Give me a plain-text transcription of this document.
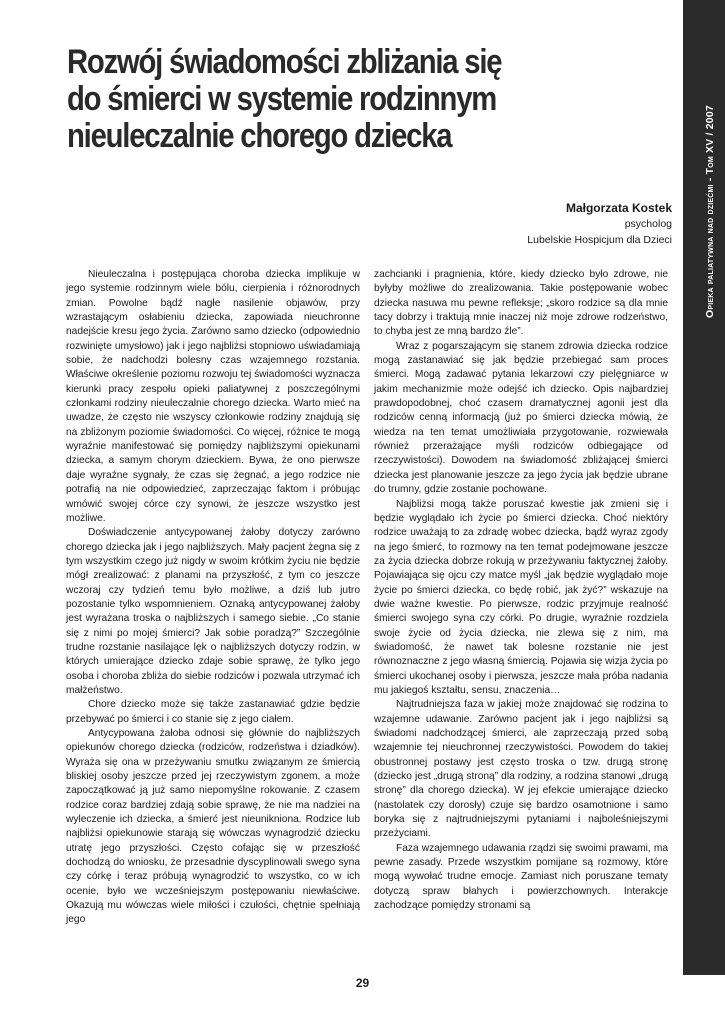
Opieka paliatywna nad dziećmi - Tom XV / 2007
Rozwój świadomości zbliżania się
do śmierci w systemie rodzinnym
nieuleczalnie chorego dziecka
Małgorzata Kostek
psycholog
Lubelskie Hospicjum dla Dzieci

Nieuleczalna i postępująca choroba dziecka implikuje w jego systemie rodzinnym wiele bólu, cierpienia i różnorodnych zmian. Powolne bądź nagłe nasilenie objawów, przy wzrastającym osłabieniu dziecka, zapowiada nieuchronne nadejście kresu jego życia. Zarówno samo dziecko (odpowiednio rozwinięte umysłowo) jak i jego najbliżsi stopniowo uświadamiają sobie, że nadchodzi bolesny czas wzajemnego rozstania. Właściwe określenie poziomu rozwoju tej świadomości wyznacza kierunki pracy zespołu opieki paliatywnej z poszczególnymi członkami rodziny nieuleczalnie chorego dziecka. Warto mieć na uwadze, że często nie wszyscy członkowie rodziny znajdują się na zbliżonym poziomie świadomości. Co więcej, różnice te mogą wyraźnie manifestować się pomiędzy najbliższymi opiekunami dziecka, a samym chorym dzieckiem. Bywa, że ono pierwsze daje wyraźne sygnały, że czas się żegnać, a jego rodzice nie potrafią na nie odpowiedzieć, zaprzeczając faktom i próbując wmówić swojej córce czy synowi, że jeszcze wszystko jest możliwe.

Doświadczenie antycypowanej żałoby dotyczy zarówno chorego dziecka jak i jego najbliższych. Mały pacjent żegna się z tym wszystkim czego już nigdy w swoim krótkim życiu nie będzie mógł zrealizować: z planami na przyszłość, z tym co jeszcze wczoraj czy tydzień temu było możliwe, a dziś lub jutro pozostanie tylko wspomnieniem. Oznaką antycypowanej żałoby jest wyrażana troska o najbliższych i samego siebie. „Co stanie się z nimi po mojej śmierci? Jak sobie poradzą?” Szczególnie trudne rozstanie nasilające lęk o najbliższych dotyczy rodzin, w których umierające dziecko zdaje sobie sprawę, że tylko jego osoba i choroba zbliża do siebie rodziców i pozwala utrzymać ich małżeństwo.

Chore dziecko może się także zastanawiać gdzie będzie przebywać po śmierci i co stanie się z jego ciałem.

Antycypowana żałoba odnosi się głównie do najbliższych opiekunów chorego dziecka (rodziców, rodzeństwa i dziadków). Wyraża się ona w przeżywaniu smutku związanym ze śmiercią bliskiej osoby jeszcze przed jej rzeczywistym zgonem, a może zapoczątkować ją już samo niepomyślne rokowanie. Z czasem rodzice coraz bardziej zdają sobie sprawę, że nie ma nadziei na wyleczenie ich dziecka, a śmierć jest nieunikniona. Rodzice lub najbliżsi opiekunowie starają się wówczas wynagrodzić dziecku utratę jego przyszłości. Często cofając się w przeszłość dochodzą do wniosku, że przesadnie dyscyplinowali swego syna czy córkę i teraz próbują wynagrodzić to wszystko, co w ich ocenie, było we wcześniejszym postępowaniu niewłaściwe. Okazują mu wówczas wiele miłości i czułości, chętnie spełniają jego

zachcianki i pragnienia, które, kiedy dziecko było zdrowe, nie byłyby możliwe do zrealizowania. Takie postępowanie wobec dziecka nasuwa mu pewne refleksje; „skoro rodzice są dla mnie tacy dobrzy i traktują mnie inaczej niż moje zdrowe rodzeństwo, to chyba jest ze mną bardzo źle”.

Wraz z pogarszającym się stanem zdrowia dziecka rodzice mogą zastanawiać się jak będzie przebiegać sam proces śmierci. Mogą zadawać pytania lekarzowi czy pielęgniarce w jakim mechanizmie może odejść ich dziecko. Opis najbardziej prawdopodobnej, choć czasem dramatycznej agonii jest dla rodziców cenną informacją (już po śmierci dziecka mówią, że wiedza na ten temat umożliwiała przygotowanie, rozwiewała również przerażające myśli rodziców odbiegające od rzeczywistości). Dowodem na świadomość zbliżającej śmierci dziecka jest planowanie jeszcze za jego życia jak będzie ubrane do trumny, gdzie zostanie pochowane.

Najbliżsi mogą także poruszać kwestie jak zmieni się i będzie wyglądało ich życie po śmierci dziecka. Choć niektóry rodzice uważają to za zdradę wobec dziecka, bądź wyraz zgody na jego śmierć, to rozmowy na ten temat podejmowane jeszcze za życia dziecka dobrze rokują w przeżywaniu faktycznej żałoby. Pojawiająca się ojcu czy matce myśl „jak będzie wyglądało moje życie po śmierci dziecka, co będę robić, jak żyć?” wskazuje na dwie ważne kwestie. Po pierwsze, rodzic przyjmuje realność śmierci swojego syna czy córki. Po drugie, wyraźnie rozdziela swoje życie od życia dziecka, nie zlewa się z nim, ma świadomość, że nawet tak bolesne rozstanie nie jest równoznaczne z jego własną śmiercią. Pojawia się wizja życia po śmierci ukochanej osoby i pierwsza, jeszcze mała próba nadania mu jakiegoś kształtu, sensu, znaczenia…

Najtrudniejsza faza w jakiej może znajdować się rodzina to wzajemne udawanie. Zarówno pacjent jak i jego najbliżsi są świadomi nadchodzącej śmierci, ale zaprzeczają przed sobą wzajemnie tej nieuchronnej rzeczywistości. Powodem do takiej obustronnej postawy jest często troska o tzw. drugą stronę (dziecko jest „drugą stroną” dla rodziny, a rodzina stanowi „drugą stronę” dla chorego dziecka). W jej efekcie umierające dziecko (nastolatek czy dorosły) czuje się bardzo osamotnione i samo boryka się z najtrudniejszymi pytaniami i najboleśniejszymi przeżyciami.

Faza wzajemnego udawania rządzi się swoimi prawami, ma pewne zasady. Przede wszystkim pomijane są rozmowy, które mogą wywołać trudne emocje. Zamiast nich poruszane tematy dotyczą spraw błahych i powierzchownych. Interakcje zachodzące pomiędzy stronami są

29
